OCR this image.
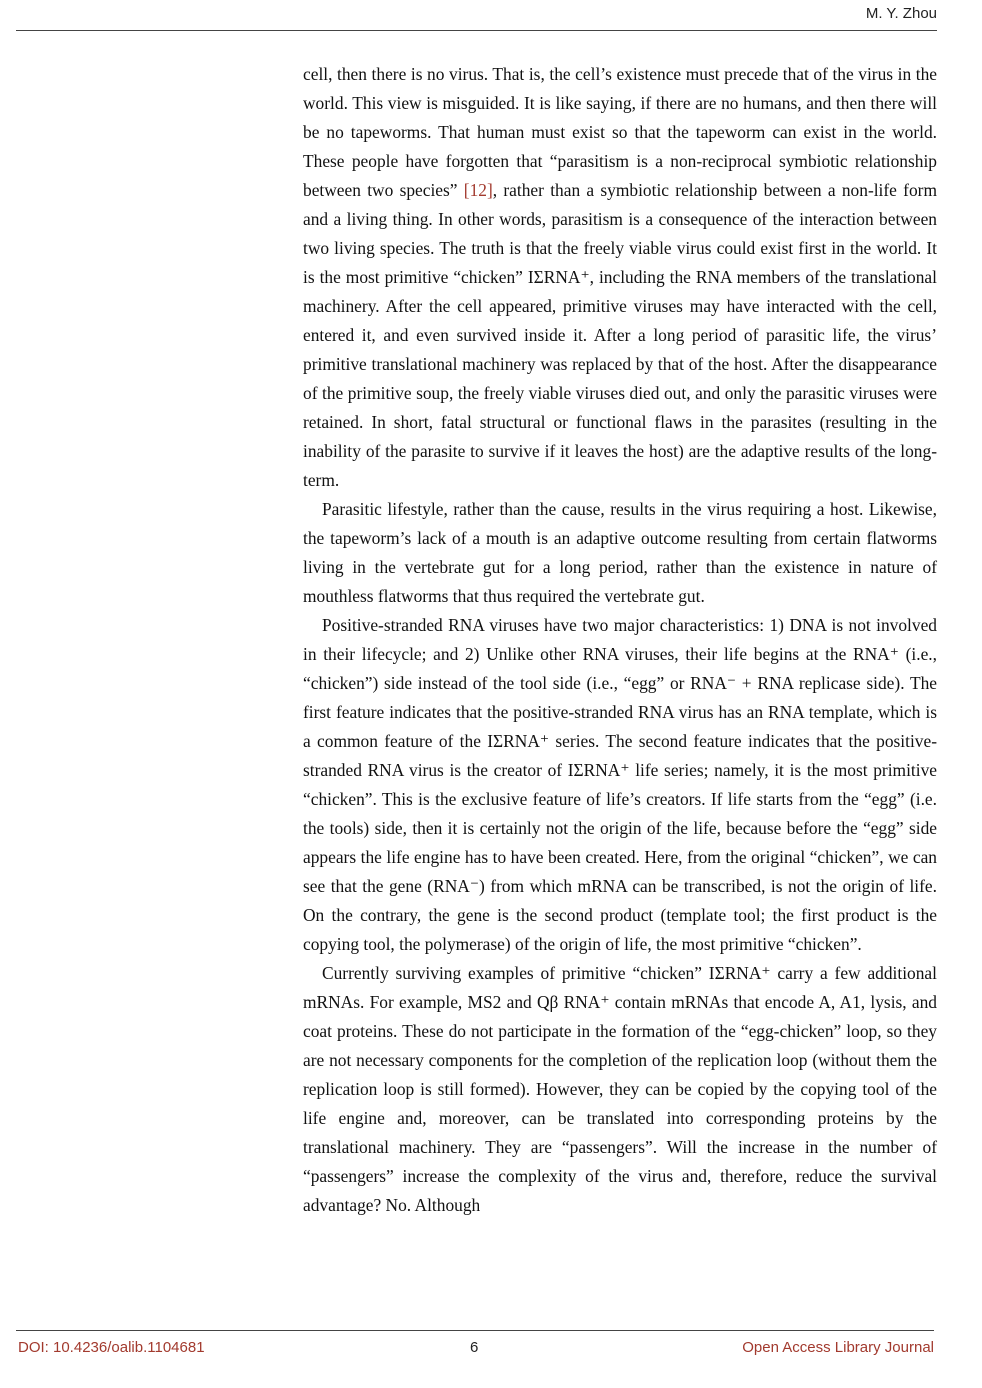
M. Y. Zhou

cell, then there is no virus. That is, the cell’s existence must precede that of the virus in the world. This view is misguided. It is like saying, if there are no humans, and then there will be no tapeworms. That human must exist so that the tapeworm can exist in the world. These people have forgotten that “parasitism is a non-reciprocal symbiotic relationship between two species” [12], rather than a symbiotic relationship between a non-life form and a living thing. In other words, parasitism is a consequence of the interaction between two living species. The truth is that the freely viable virus could exist first in the world. It is the most primitive “chicken” IΣRNA⁺, including the RNA members of the translational machinery. After the cell appeared, primitive viruses may have interacted with the cell, entered it, and even survived inside it. After a long period of parasitic life, the virus’ primitive translational machinery was replaced by that of the host. After the disappearance of the primitive soup, the freely viable viruses died out, and only the parasitic viruses were retained. In short, fatal structural or functional flaws in the parasites (resulting in the inability of the parasite to survive if it leaves the host) are the adaptive results of the long-term.

Parasitic lifestyle, rather than the cause, results in the virus requiring a host. Likewise, the tapeworm’s lack of a mouth is an adaptive outcome resulting from certain flatworms living in the vertebrate gut for a long period, rather than the existence in nature of mouthless flatworms that thus required the vertebrate gut.

Positive-stranded RNA viruses have two major characteristics: 1) DNA is not involved in their lifecycle; and 2) Unlike other RNA viruses, their life begins at the RNA⁺ (i.e., “chicken”) side instead of the tool side (i.e., “egg” or RNA⁻ + RNA replicase side). The first feature indicates that the positive-stranded RNA virus has an RNA template, which is a common feature of the IΣRNA⁺ series. The second feature indicates that the positive-stranded RNA virus is the creator of IΣRNA⁺ life series; namely, it is the most primitive “chicken”. This is the exclusive feature of life’s creators. If life starts from the “egg” (i.e. the tools) side, then it is certainly not the origin of the life, because before the “egg” side appears the life engine has to have been created. Here, from the original “chicken”, we can see that the gene (RNA⁻) from which mRNA can be transcribed, is not the origin of life. On the contrary, the gene is the second product (template tool; the first product is the copying tool, the polymerase) of the origin of life, the most primitive “chicken”.

Currently surviving examples of primitive “chicken” IΣRNA⁺ carry a few additional mRNAs. For example, MS2 and Qβ RNA⁺ contain mRNAs that encode A, A1, lysis, and coat proteins. These do not participate in the formation of the “egg-chicken” loop, so they are not necessary components for the completion of the replication loop (without them the replication loop is still formed). However, they can be copied by the copying tool of the life engine and, moreover, can be translated into corresponding proteins by the translational machinery. They are “passengers”. Will the increase in the number of “passengers” increase the complexity of the virus and, therefore, reduce the survival advantage? No. Although

DOI: 10.4236/oalib.1104681	6	Open Access Library Journal
